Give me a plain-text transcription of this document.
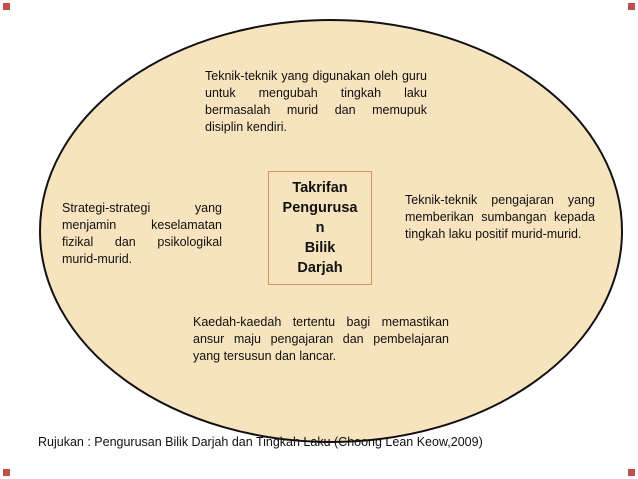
Teknik-teknik yang digunakan oleh guru untuk mengubah tingkah laku bermasalah murid dan memupuk disiplin kendiri.
Strategi-strategi yang menjamin keselamatan fizikal dan psikologikal murid-murid.
Teknik-teknik pengajaran yang memberikan sumbangan kepada tingkah laku positif murid-murid.
Kaedah-kaedah tertentu bagi memastikan ansur maju pengajaran dan pembelajaran yang tersusun dan lancar.
Takrifan
Pengurusa
n
Bilik
Darjah
Rujukan : Pengurusan Bilik Darjah dan Tingkah Laku (Choong Lean Keow,2009)
